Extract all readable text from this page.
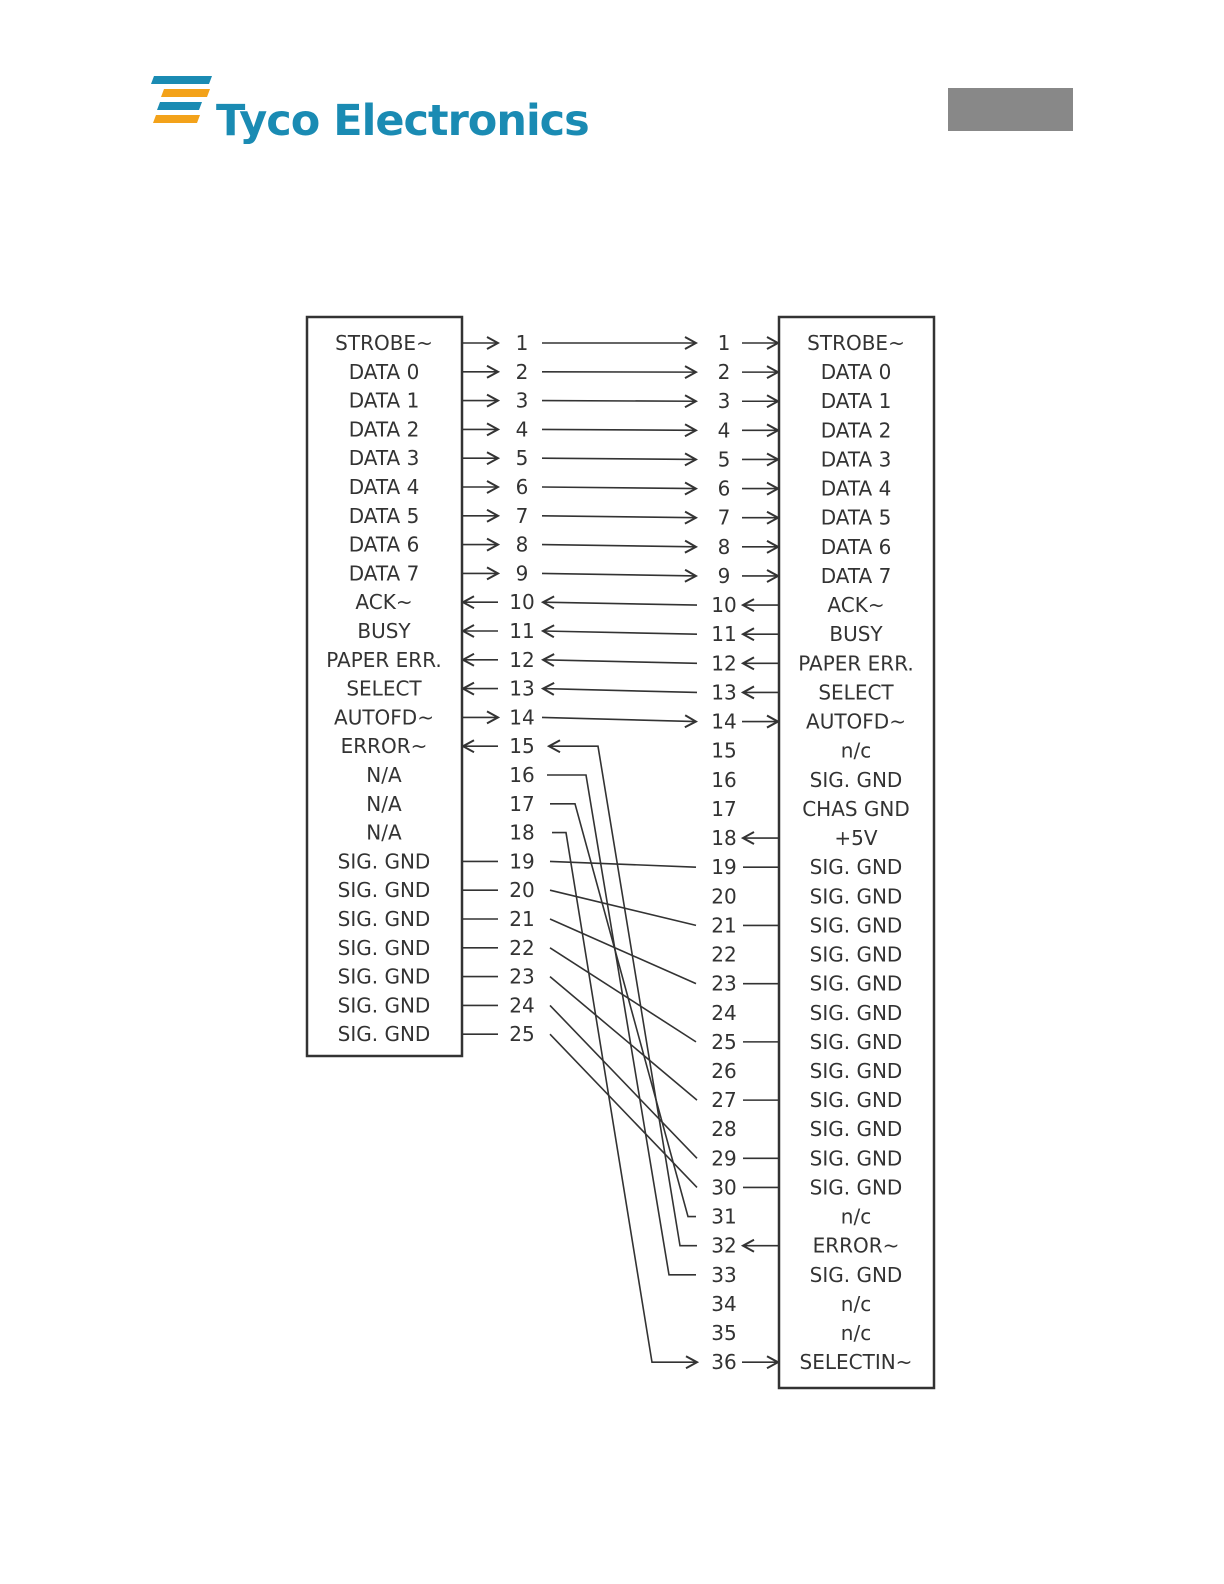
Tyco Electronics
STROBE~
DATA 0
DATA 1
DATA 2
DATA 3
DATA 4
DATA 5
DATA 6
DATA 7
ACK~
BUSY
PAPER ERR.
SELECT
AUTOFD~
ERROR~
N/A
N/A
N/A
SIG. GND
SIG. GND
SIG. GND
SIG. GND
SIG. GND
SIG. GND
SIG. GND
1
2
3
4
5
6
7
8
9
10
11
12
13
14
15
16
17
18
19
20
21
22
23
24
25
STROBE~
DATA 0
DATA 1
DATA 2
DATA 3
DATA 4
DATA 5
DATA 6
DATA 7
ACK~
BUSY
PAPER ERR.
SELECT
AUTOFD~
n/c
SIG. GND
CHAS GND
+5V
SIG. GND
SIG. GND
SIG. GND
SIG. GND
SIG. GND
SIG. GND
SIG. GND
SIG. GND
SIG. GND
SIG. GND
SIG. GND
SIG. GND
n/c
ERROR~
SIG. GND
n/c
n/c
SELECTIN~
1
2
3
4
5
6
7
8
9
10
11
12
13
14
15
16
17
18
19
20
21
22
23
24
25
26
27
28
29
30
31
32
33
34
35
36
